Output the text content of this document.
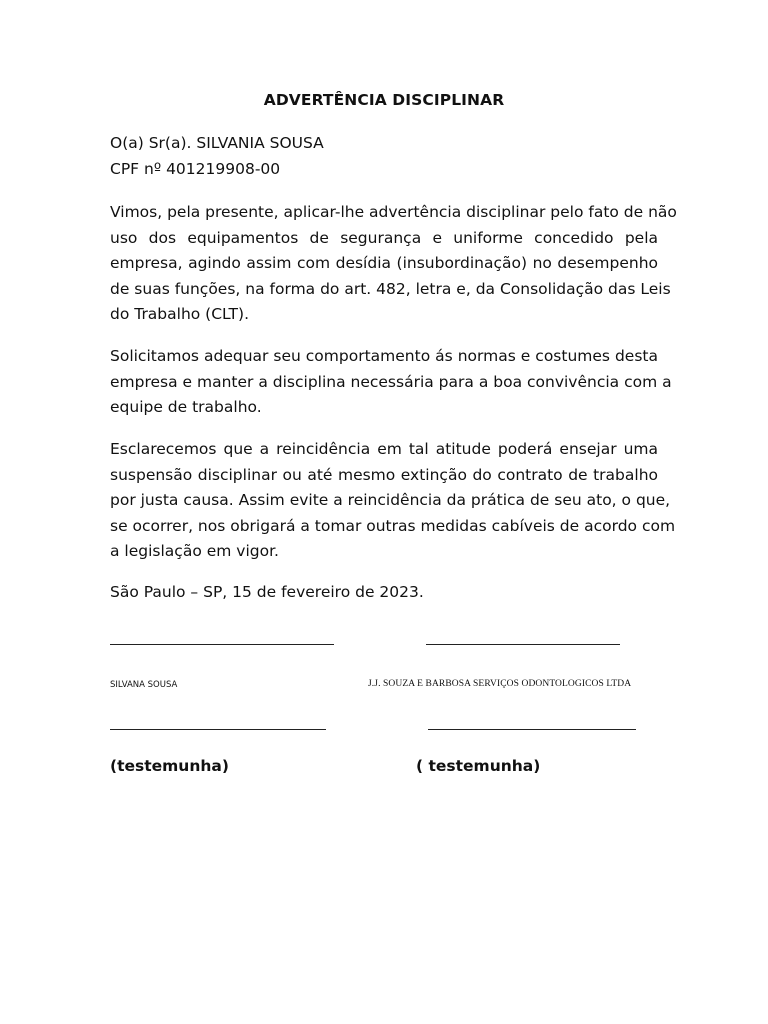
ADVERTÊNCIA DISCIPLINAR
O(a) Sr(a). SILVANIA SOUSA
CPF nº 401219908-00
Vimos, pela presente, aplicar-lhe advertência disciplinar pelo fato de não
uso dos equipamentos de segurança e uniforme concedido pela
empresa, agindo assim com desídia (insubordinação) no desempenho
de suas funções, na forma do art. 482, letra e, da Consolidação das Leis
do Trabalho (CLT).
Solicitamos adequar seu comportamento ás normas e costumes desta
empresa e manter a disciplina necessária para a boa convivência com a
equipe de trabalho.
Esclarecemos que a reincidência em tal atitude poderá ensejar uma
suspensão disciplinar ou até mesmo extinção do contrato de trabalho
por justa causa. Assim evite a reincidência da prática de seu ato, o que,
se ocorrer, nos obrigará a tomar outras medidas cabíveis de acordo com
a legislação em vigor.
São Paulo – SP, 15 de fevereiro de 2023.
SILVANA SOUSA	J.J. SOUZA E BARBOSA SERVIÇOS ODONTOLOGICOS LTDA
(testemunha)	( testemunha)
